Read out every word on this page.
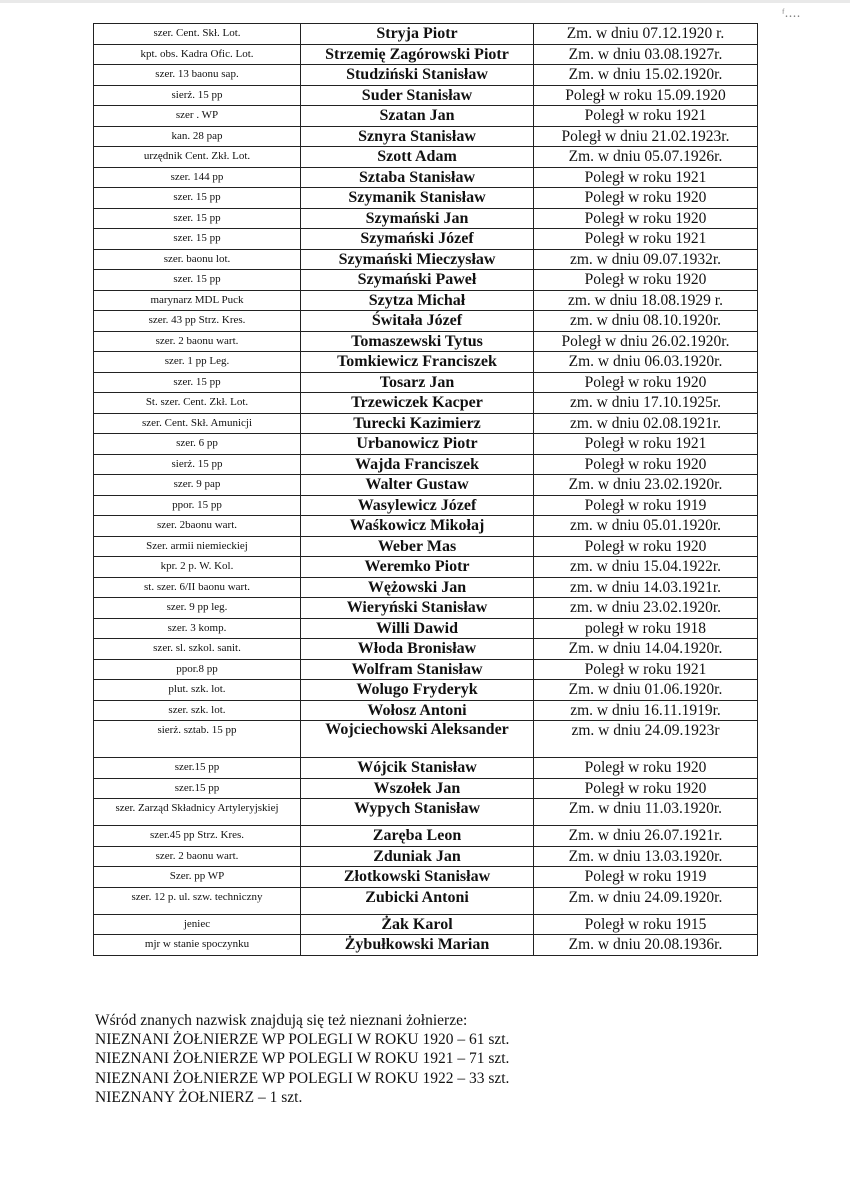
ᶠ‥‥
szer. Cent. Skł. Lot.	Stryja Piotr	Zm. w dniu 07.12.1920 r.
kpt. obs. Kadra Ofic. Lot.	Strzemię Zagórowski Piotr	Zm. w dniu 03.08.1927r.
szer. 13 baonu sap.	Studziński Stanisław	Zm. w dniu 15.02.1920r.
sierż. 15 pp	Suder Stanisław	Poległ w roku 15.09.1920
szer . WP	Szatan Jan	Poległ w roku 1921
kan. 28 pap	Sznyra Stanisław	Poległ w dniu 21.02.1923r.
urzędnik Cent. Zkł. Lot.	Szott Adam	Zm. w dniu 05.07.1926r.
szer. 144 pp	Sztaba Stanisław	Poległ w roku 1921
szer. 15 pp	Szymanik Stanisław	Poległ w roku 1920
szer. 15 pp	Szymański Jan	Poległ w roku 1920
szer. 15 pp	Szymański Józef	Poległ w roku 1921
szer. baonu lot.	Szymański Mieczysław	zm. w dniu 09.07.1932r.
szer. 15 pp	Szymański Paweł	Poległ w roku 1920
marynarz MDL Puck	Szytza Michał	zm. w dniu 18.08.1929 r.
szer. 43 pp Strz. Kres.	Świtała Józef	zm. w dniu 08.10.1920r.
szer. 2 baonu wart.	Tomaszewski Tytus	Poległ w dniu 26.02.1920r.
szer. 1 pp Leg.	Tomkiewicz Franciszek	Zm. w dniu 06.03.1920r.
szer. 15 pp	Tosarz Jan	Poległ w roku 1920
St. szer. Cent. Zkł. Lot.	Trzewiczek Kacper	zm. w dniu 17.10.1925r.
szer. Cent. Skł. Amunicji	Turecki Kazimierz	zm. w dniu 02.08.1921r.
szer. 6 pp	Urbanowicz Piotr	Poległ w roku 1921
sierż. 15 pp	Wajda Franciszek	Poległ w roku 1920
szer. 9 pap	Walter Gustaw	Zm. w dniu 23.02.1920r.
ppor. 15 pp	Wasylewicz Józef	Poległ w roku 1919
szer. 2baonu wart.	Waśkowicz Mikołaj	zm. w dniu 05.01.1920r.
Szer. armii niemieckiej	Weber Mas	Poległ w roku 1920
kpr. 2 p. W. Kol.	Weremko Piotr	zm. w dniu 15.04.1922r.
st. szer. 6/II baonu wart.	Wężowski Jan	zm. w dniu 14.03.1921r.
szer. 9 pp leg.	Wieryński Stanisław	zm. w dniu 23.02.1920r.
szer. 3 komp.	Willi Dawid	poległ w roku 1918
szer. sl. szkol. sanit.	Włoda Bronisław	Zm. w dniu 14.04.1920r.
ppor.8 pp	Wolfram Stanisław	Poległ w roku 1921
plut. szk. lot.	Wolugo Fryderyk	Zm. w dniu 01.06.1920r.
szer. szk. lot.	Wołosz Antoni	zm. w dniu 16.11.1919r.
sierż. sztab. 15 pp	Wojciechowski Aleksander	zm. w dniu 24.09.1923r
szer.15 pp	Wójcik Stanisław	Poległ w roku 1920
szer.15 pp	Wszołek Jan	Poległ w roku 1920
szer. Zarząd Składnicy Artyleryjskiej	Wypych Stanisław	Zm. w dniu 11.03.1920r.
szer.45 pp Strz. Kres.	Zaręba Leon	Zm. w dniu 26.07.1921r.
szer. 2 baonu wart.	Zduniak Jan	Zm. w dniu 13.03.1920r.
Szer. pp WP	Złotkowski Stanisław	Poległ w roku 1919
szer. 12 p. ul. szw. techniczny	Zubicki Antoni	Zm. w dniu 24.09.1920r.
jeniec	Żak Karol	Poległ w roku 1915
mjr w stanie spoczynku	Żybułkowski Marian	Zm. w dniu 20.08.1936r.
Wśród znanych nazwisk znajdują się też nieznani żołnierze:
NIEZNANI ŻOŁNIERZE WP POLEGLI W ROKU 1920 – 61 szt.
NIEZNANI ŻOŁNIERZE WP POLEGLI W ROKU 1921 – 71 szt.
NIEZNANI ŻOŁNIERZE WP POLEGLI W ROKU 1922 – 33 szt.
NIEZNANY ŻOŁNIERZ – 1 szt.
